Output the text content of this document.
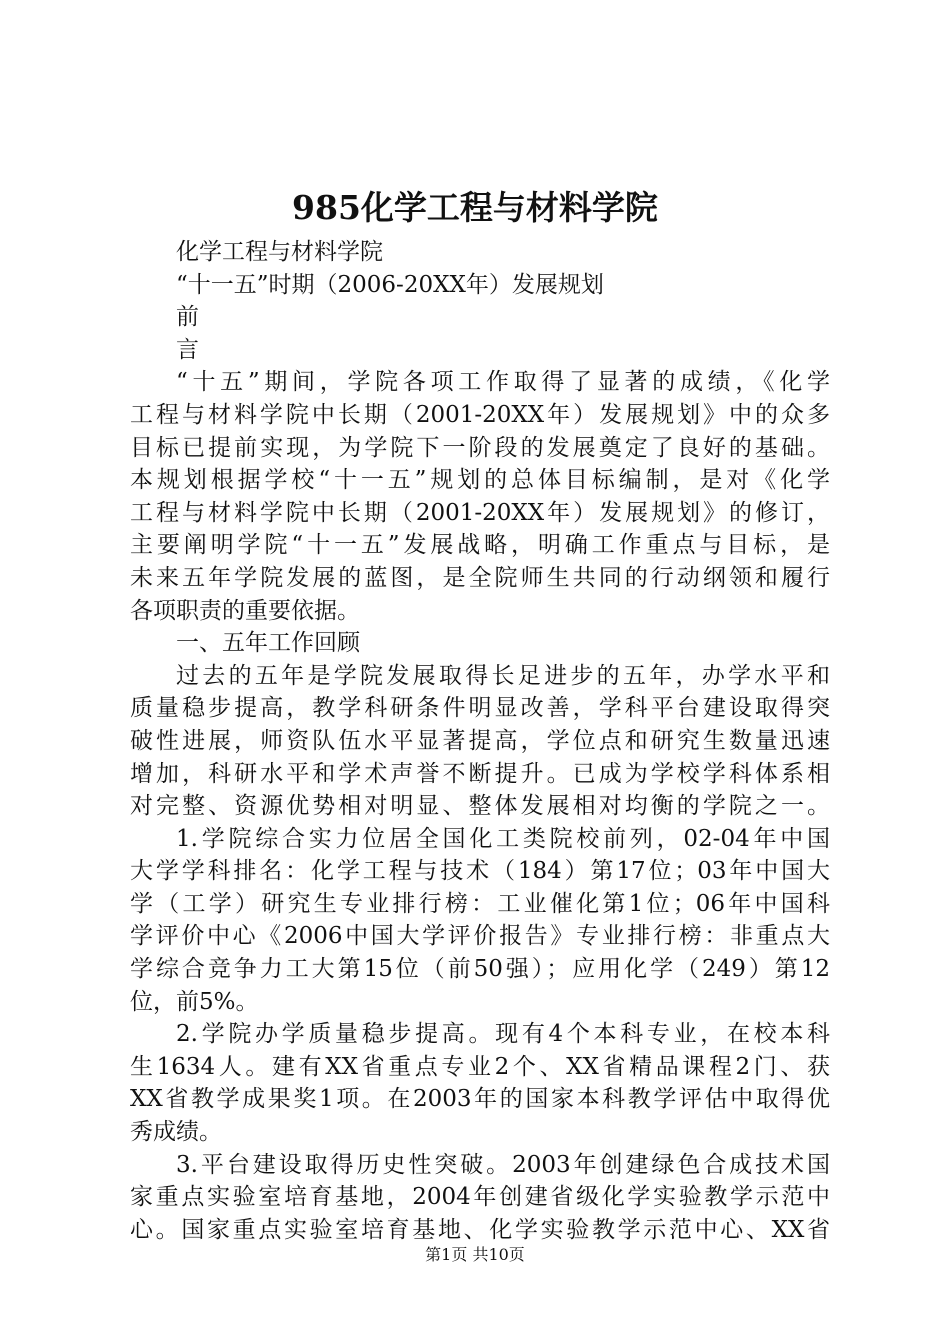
985化学工程与材料学院

化学工程与材料学院

“十一五”时期（2006-20XX年）发展规划

前

言

“十五”期间，学院各项工作取得了显著的成绩，《化学

工程与材料学院中长期（2001-20XX年）发展规划》中的众多

目标已提前实现，为学院下一阶段的发展奠定了良好的基础。

本规划根据学校“十一五”规划的总体目标编制，是对《化学

工程与材料学院中长期（2001-20XX年）发展规划》的修订，

主要阐明学院“十一五”发展战略，明确工作重点与目标，是

未来五年学院发展的蓝图，是全院师生共同的行动纲领和履行

各项职责的重要依据。

一、五年工作回顾

过去的五年是学院发展取得长足进步的五年，办学水平和

质量稳步提高，教学科研条件明显改善，学科平台建设取得突

破性进展，师资队伍水平显著提高，学位点和研究生数量迅速

增加，科研水平和学术声誉不断提升。已成为学校学科体系相

对完整、资源优势相对明显、整体发展相对均衡的学院之一。

1.学院综合实力位居全国化工类院校前列，02-04年中国

大学学科排名：化学工程与技术（184）第17位；03年中国大

学（工学）研究生专业排行榜：工业催化第1位；06年中国科

学评价中心《2006中国大学评价报告》专业排行榜：非重点大

学综合竞争力工大第15位（前50强）；应用化学（249）第12

位，前5%。

2.学院办学质量稳步提高。现有4个本科专业，在校本科

生1634人。建有XX省重点专业2个、XX省精品课程2门、获

XX省教学成果奖1项。在2003年的国家本科教学评估中取得优

秀成绩。

3.平台建设取得历史性突破。2003年创建绿色合成技术国

家重点实验室培育基地，2004年创建省级化学实验教学示范中

心。国家重点实验室培育基地、化学实验教学示范中心、XX省

第1页 共10页
